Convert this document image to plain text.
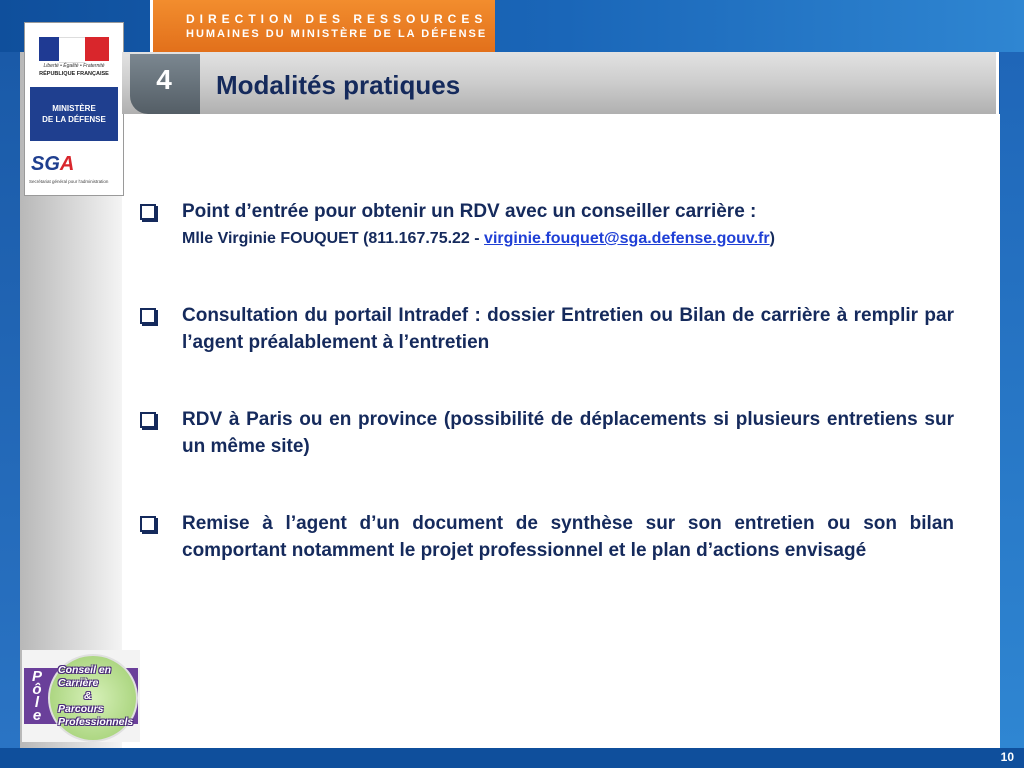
DIRECTION DES RESSOURCES
HUMAINES DU MINISTÈRE DE LA DÉFENSE
Liberté • Égalité • Fraternité
RÉPUBLIQUE FRANÇAISE
MINISTÈRE
DE LA DÉFENSE
SGA
Secrétariat général pour l'administration
4 Modalités pratiques
Point d’entrée pour obtenir un RDV avec un conseiller carrière :
Mlle Virginie FOUQUET (811.167.75.22 - virginie.fouquet@sga.defense.gouv.fr)
Consultation du portail Intradef : dossier Entretien ou Bilan de carrière à remplir par l’agent préalablement à l’entretien
RDV à Paris ou en province (possibilité de déplacements si plusieurs entretiens sur un même site)
Remise à l’agent d’un document de synthèse sur son entretien ou son bilan comportant notamment le projet professionnel et le plan d’actions envisagé
P
ô
l
e
Conseil en
Carrière
&
Parcours
Professionnels
10
